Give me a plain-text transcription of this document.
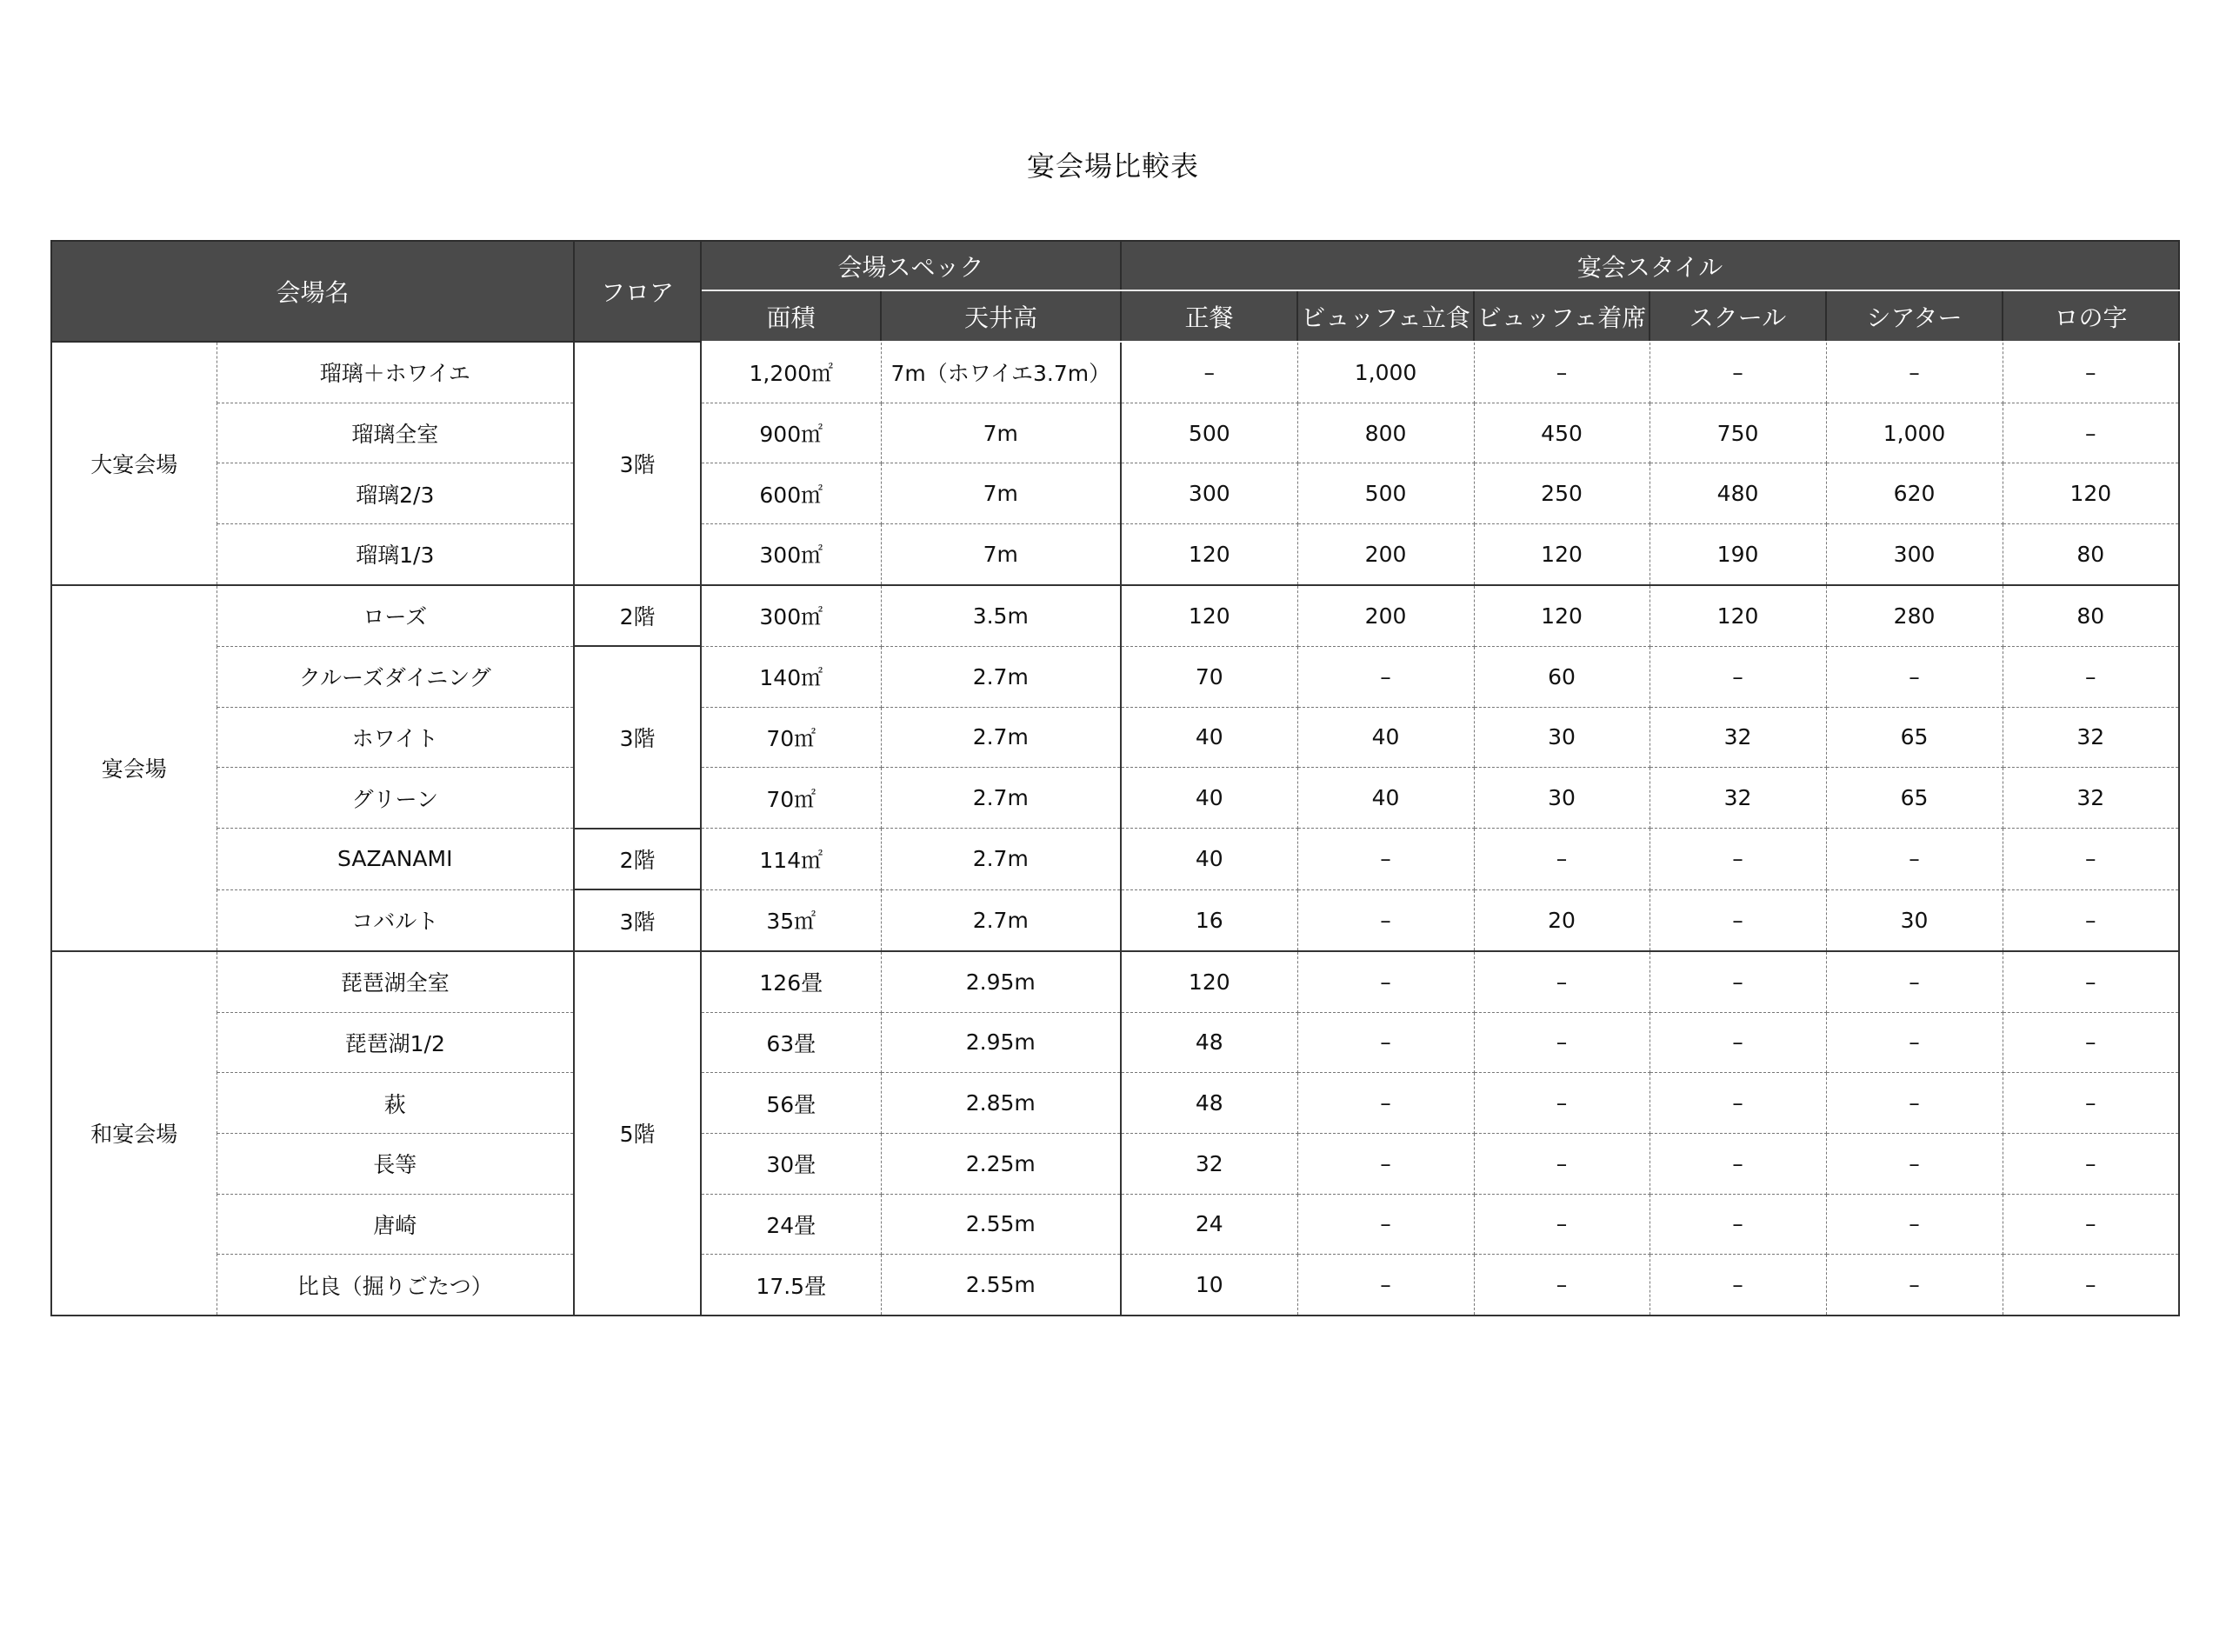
宴会場比較表
会場名		フロア	会場スペック		宴会スタイル					
			面積	天井高	正餐	ビュッフェ立食	ビュッフェ着席	スクール	シアター	ロの字
大宴会場	瑠璃＋ホワイエ	3階	1,200㎡	7m（ホワイエ3.7m）	–	1,000	–	–	–	–
	瑠璃全室		900㎡	7m	500	800	450	750	1,000	–
	瑠璃2/3		600㎡	7m	300	500	250	480	620	120
	瑠璃1/3		300㎡	7m	120	200	120	190	300	80
宴会場	ローズ	2階	300㎡	3.5m	120	200	120	120	280	80
	クルーズダイニング	3階	140㎡	2.7m	70	–	60	–	–	–
	ホワイト		70㎡	2.7m	40	40	30	32	65	32
	グリーン		70㎡	2.7m	40	40	30	32	65	32
	SAZANAMI	2階	114㎡	2.7m	40	–	–	–	–	–
	コバルト	3階	35㎡	2.7m	16	–	20	–	30	–
和宴会場	琵琶湖全室	5階	126畳	2.95m	120	–	–	–	–	–
	琵琶湖1/2		63畳	2.95m	48	–	–	–	–	–
	萩		56畳	2.85m	48	–	–	–	–	–
	長等		30畳	2.25m	32	–	–	–	–	–
	唐崎		24畳	2.55m	24	–	–	–	–	–
	比良（掘りごたつ）		17.5畳	2.55m	10	–	–	–	–	–
